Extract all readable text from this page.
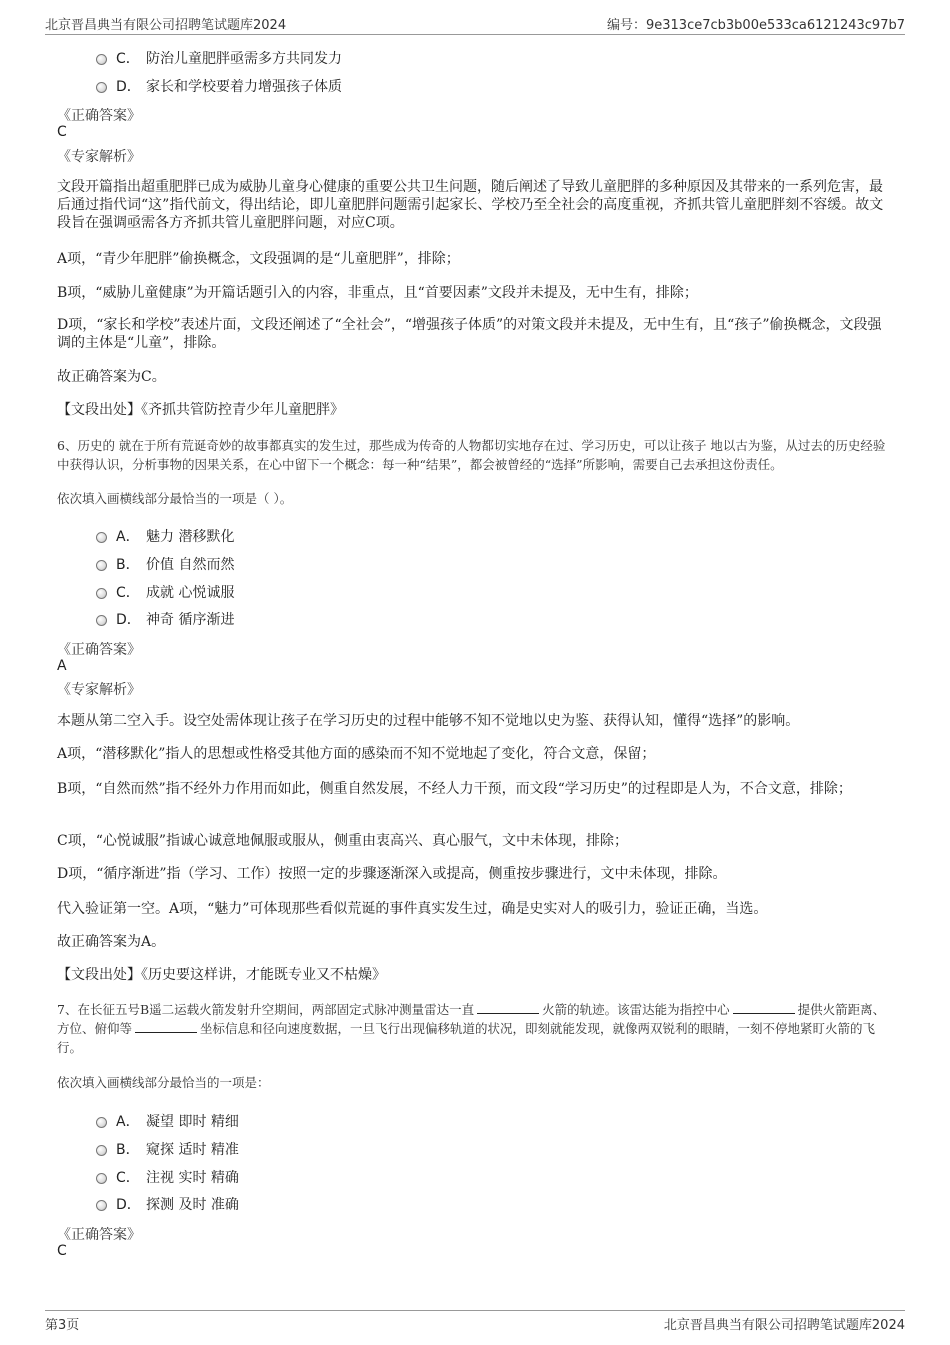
北京晋昌典当有限公司招聘笔试题库2024	编号：9e313ce7cb3b00e533ca6121243c97b7
C． 防治儿童肥胖亟需多方共同发力
D． 家长和学校要着力增强孩子体质
《正确答案》
C
《专家解析》
文段开篇指出超重肥胖已成为威胁儿童身心健康的重要公共卫生问题，随后阐述了导致儿童肥胖的多种原因及其带来的一系列危害，最后通过指代词“这”指代前文，得出结论，即儿童肥胖问题需引起家长、学校乃至全社会的高度重视，齐抓共管儿童肥胖刻不容缓。故文段旨在强调亟需各方齐抓共管儿童肥胖问题，对应C项。
A项，“青少年肥胖”偷换概念，文段强调的是“儿童肥胖”，排除；
B项，“威胁儿童健康”为开篇话题引入的内容，非重点，且“首要因素”文段并未提及，无中生有，排除；
D项，“家长和学校”表述片面，文段还阐述了“全社会”，“增强孩子体质”的对策文段并未提及，无中生有，且“孩子”偷换概念，文段强调的主体是“儿童”，排除。
故正确答案为C。
【文段出处】《齐抓共管防控青少年儿童肥胖》
6、历史的 就在于所有荒诞奇妙的故事都真实的发生过，那些成为传奇的人物都切实地存在过、学习历史，可以让孩子 地以古为鉴，从过去的历史经验中获得认识，分析事物的因果关系，在心中留下一个概念：每一种“结果”，都会被曾经的“选择”所影响，需要自己去承担这份责任。
依次填入画横线部分最恰当的一项是（ ）。
A． 魅力 潜移默化
B． 价值 自然而然
C． 成就 心悦诚服
D． 神奇 循序渐进
《正确答案》
A
《专家解析》
本题从第二空入手。设空处需体现让孩子在学习历史的过程中能够不知不觉地以史为鉴、获得认知，懂得“选择”的影响。
A项，“潜移默化”指人的思想或性格受其他方面的感染而不知不觉地起了变化，符合文意，保留；
B项，“自然而然”指不经外力作用而如此，侧重自然发展，不经人力干预，而文段“学习历史”的过程即是人为，不合文意，排除；
C项，“心悦诚服”指诚心诚意地佩服或服从，侧重由衷高兴、真心服气，文中未体现，排除；
D项，“循序渐进”指（学习、工作）按照一定的步骤逐渐深入或提高，侧重按步骤进行，文中未体现，排除。
代入验证第一空。A项，“魅力”可体现那些看似荒诞的事件真实发生过，确是史实对人的吸引力，验证正确，当选。
故正确答案为A。
【文段出处】《历史要这样讲，才能既专业又不枯燥》
7、在长征五号B遥二运载火箭发射升空期间，两部固定式脉冲测量雷达一直	火箭的轨迹。该雷达能为指控中心	提供火箭距离、方位、俯仰等	坐标信息和径向速度数据，一旦飞行出现偏移轨道的状况，即刻就能发现，就像两双锐利的眼睛，一刻不停地紧盯火箭的飞行。
依次填入画横线部分最恰当的一项是：
A． 凝望 即时 精细
B． 窥探 适时 精准
C． 注视 实时 精确
D． 探测 及时 准确
《正确答案》
C
第3页	北京晋昌典当有限公司招聘笔试题库2024
